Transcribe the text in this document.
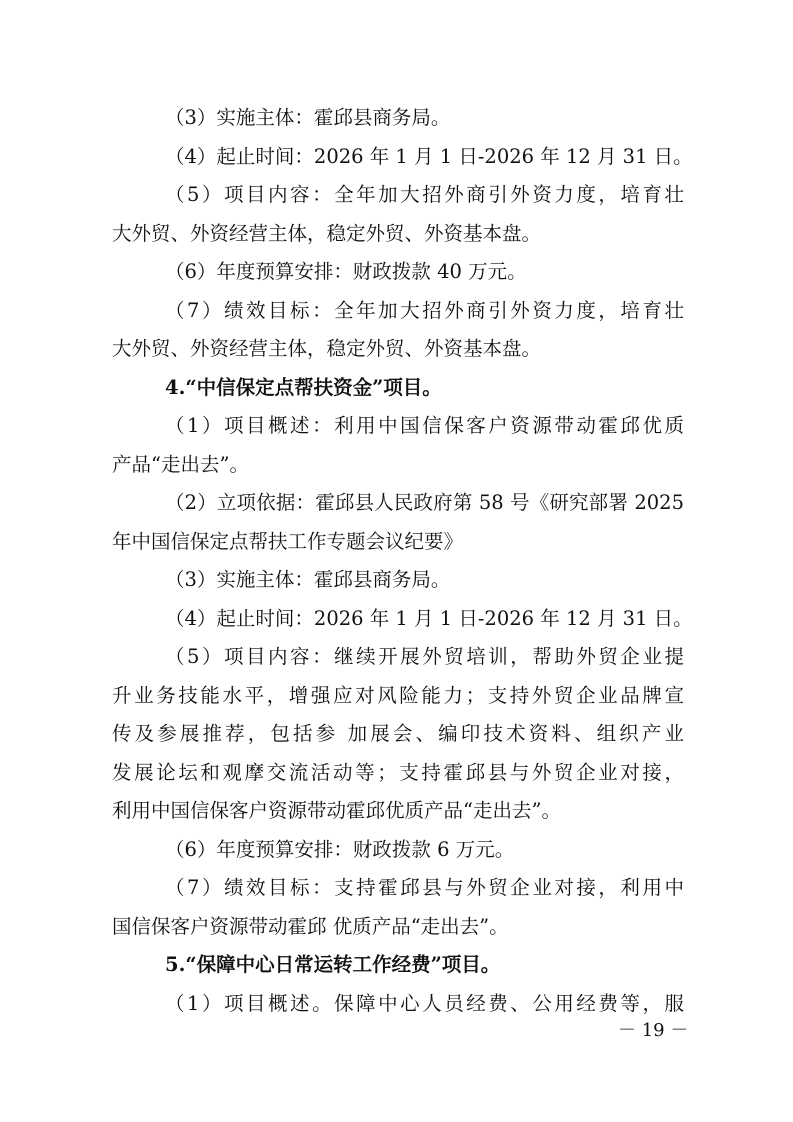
（3）实施主体：霍邱县商务局。
（4）起止时间：2026 年 1 月 1 日-2026 年 12 月 31 日。
（5）项目内容：全年加大招外商引外资力度，培育壮
大外贸、外资经营主体，稳定外贸、外资基本盘。
（6）年度预算安排：财政拨款 40 万元。
（7）绩效目标：全年加大招外商引外资力度，培育壮
大外贸、外资经营主体，稳定外贸、外资基本盘。
4.“中信保定点帮扶资金”项目。
（1）项目概述：利用中国信保客户资源带动霍邱优质
产品“走出去”。
（2）立项依据：霍邱县人民政府第 58 号《研究部署 2025
年中国信保定点帮扶工作专题会议纪要》
（3）实施主体：霍邱县商务局。
（4）起止时间：2026 年 1 月 1 日-2026 年 12 月 31 日。
（5）项目内容：继续开展外贸培训，帮助外贸企业提
升业务技能水平，增强应对风险能力；支持外贸企业品牌宣
传及参展推荐，包括参 加展会、编印技术资料、组织产业
发展论坛和观摩交流活动等；支持霍邱县与外贸企业对接，
利用中国信保客户资源带动霍邱优质产品“走出去”。
（6）年度预算安排：财政拨款 6 万元。
（7）绩效目标：支持霍邱县与外贸企业对接，利用中
国信保客户资源带动霍邱 优质产品“走出去”。
5.“保障中心日常运转工作经费”项目。
（1）项目概述。保障中心人员经费、公用经费等，服
－ 19 －
